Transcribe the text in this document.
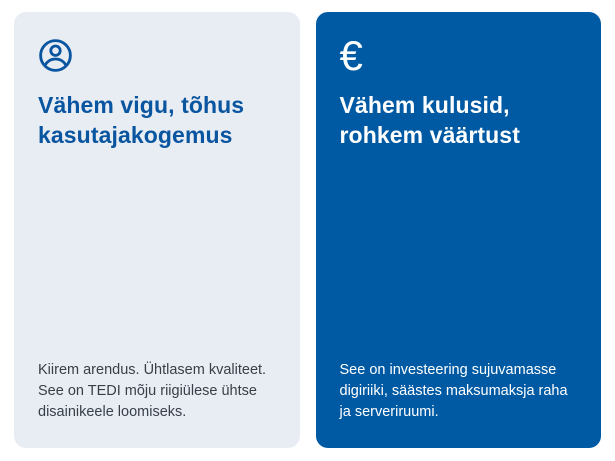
Vähem vigu, tõhus
kasutajakogemus

Kiirem arendus. Ühtlasem kvaliteet.
See on TEDI mõju riigiülese ühtse
disainikeele loomiseks.

€
Vähem kulusid,
rohkem väärtust

See on investeering sujuvamasse
digiriiki, säästes maksumaksja raha
ja serveriruumi.
